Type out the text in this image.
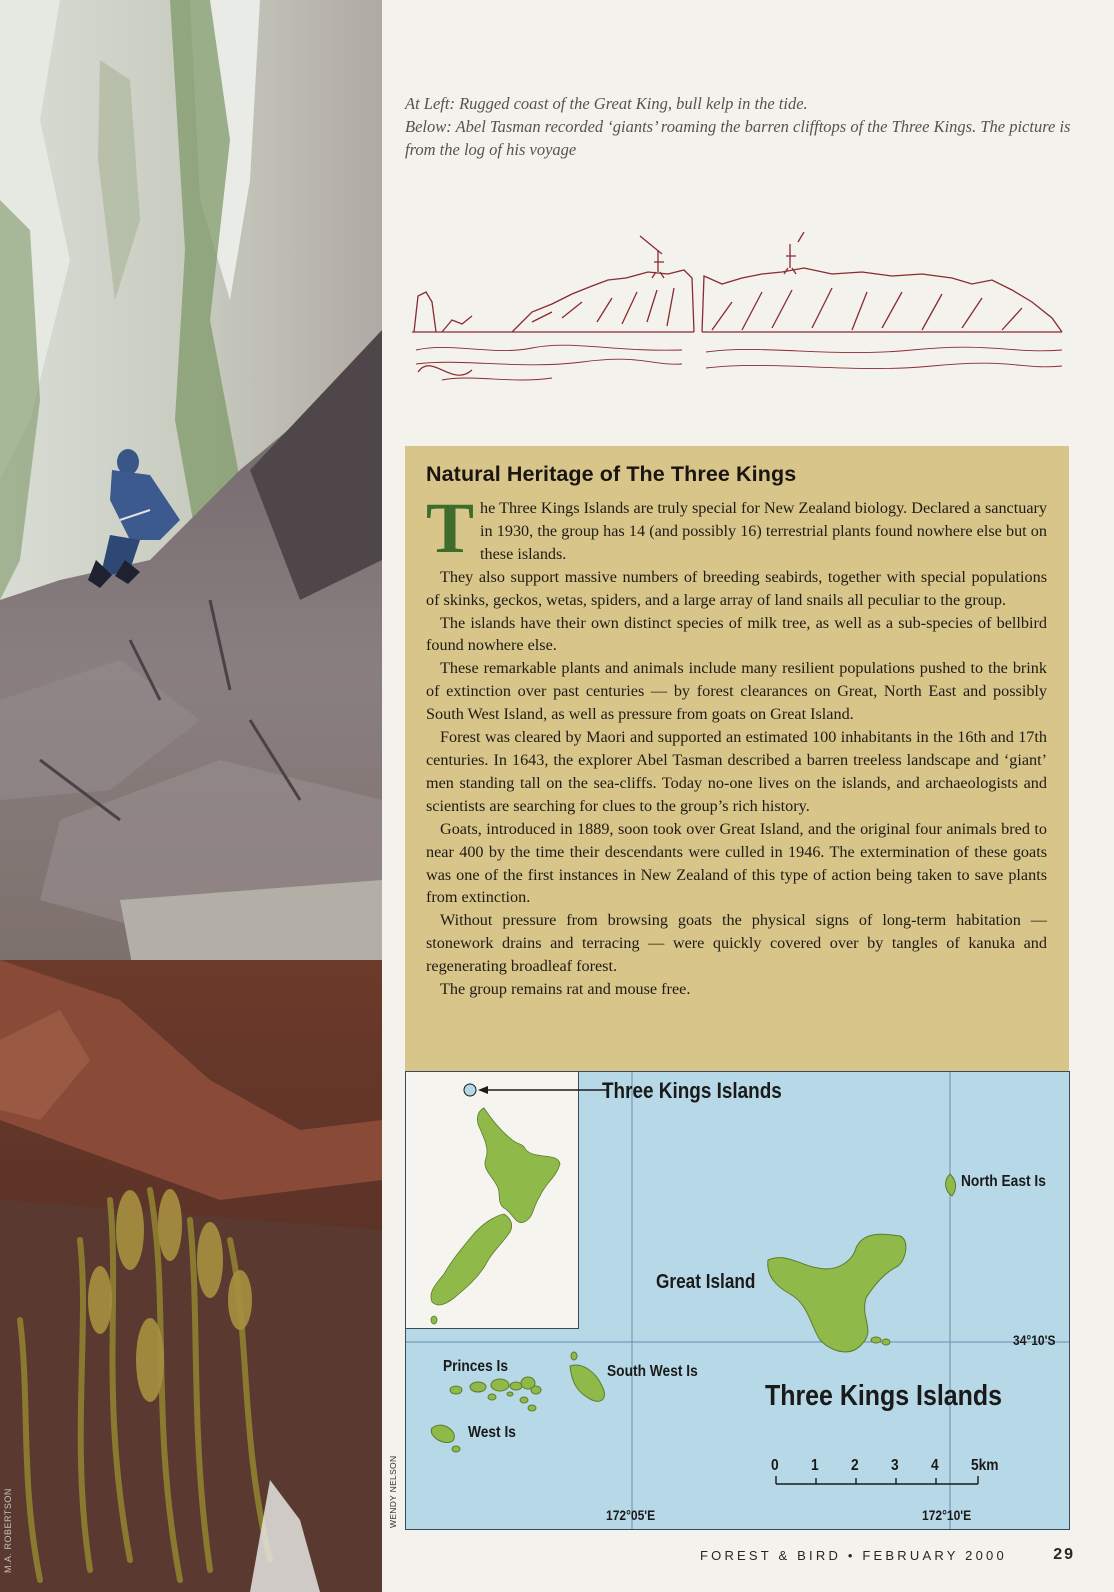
M.A. ROBERTSON

At Left: Rugged coast of the Great King, bull kelp in the tide.

Below: Abel Tasman recorded ‘giants’ roaming the barren clifftops of the Three Kings. The picture is from the log of his voyage

Natural Heritage of The Three Kings

The Three Kings Islands are truly special for New Zealand biology. Declared a sanctuary in 1930, the group has 14 (and possibly 16) terrestrial plants found nowhere else but on these islands.

They also support massive numbers of breeding seabirds, together with special populations of skinks, geckos, wetas, spiders, and a large array of land snails all peculiar to the group.

The islands have their own distinct species of milk tree, as well as a sub-species of bellbird found nowhere else.

These remarkable plants and animals include many resilient populations pushed to the brink of extinction over past centuries — by forest clearances on Great, North East and possibly South West Island, as well as pressure from goats on Great Island.

Forest was cleared by Maori and supported an estimated 100 inhabitants in the 16th and 17th centuries. In 1643, the explorer Abel Tasman described a barren treeless landscape and ‘giant’ men standing tall on the sea-cliffs. Today no-one lives on the islands, and archaeologists and scientists are searching for clues to the group’s rich history.

Goats, introduced in 1889, soon took over Great Island, and the original four animals bred to near 400 by the time their descendants were culled in 1946. The extermination of these goats was one of the first instances in New Zealand of this type of action being taken to save plants from extinction.

Without pressure from browsing goats the physical signs of long-term habitation — stonework drains and terracing — were quickly covered over by tangles of kanuka and regenerating broadleaf forest.

The group remains rat and mouse free.

Three Kings Islands
North East Is
Great Island
Princes Is	South West Is
West Is
Three Kings Islands
34°10'S
172°05'E	172°10'E
0 1 2 3 4 5km
WENDY NELSON
FOREST & BIRD • FEBRUARY 2000	29
